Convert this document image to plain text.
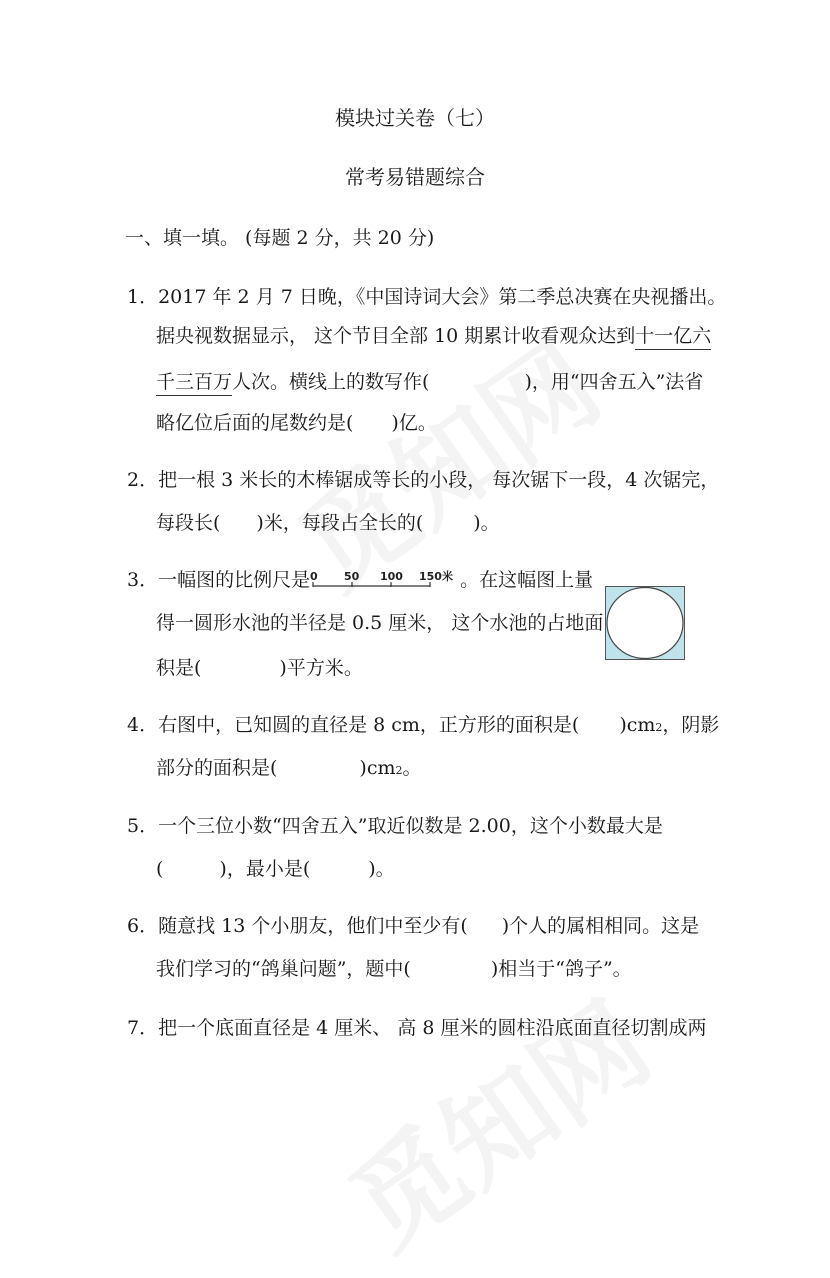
模块过关卷（七）
常考易错题综合
一、填一填。 (每题 2 分，共 20 分)
1．2017 年 2 月 7 日晚，《中国诗词大会》第二季总决赛在央视播出。
据央视数据显示， 这个节目全部 10 期累计收看观众达到十一亿六
千三百万人次。横线上的数写作(	)，用“四舍五入”法省
略亿位后面的尾数约是( )亿。
2．把一根 3 米长的木棒锯成等长的小段， 每次锯下一段，4 次锯完，
每段长( )米，每段占全长的(	)。
3．一幅图的比例尺是 0 50 100 150米 。在这幅图上量
得一圆形水池的半径是 0.5 厘米， 这个水池的占地面
积是(	)平方米。
4．右图中，已知圆的直径是 8 cm，正方形的面积是( )cm2，阴影
部分的面积是(	)cm2。
5．一个三位小数“四舍五入”取近似数是 2.00，这个小数最大是
(	)，最小是(	)。
6．随意找 13 个小朋友，他们中至少有( )个人的属相相同。这是
我们学习的“鸽巢问题”，题中(	)相当于“鸽子”。
7．把一个底面直径是 4 厘米、 高 8 厘米的圆柱沿底面直径切割成两
